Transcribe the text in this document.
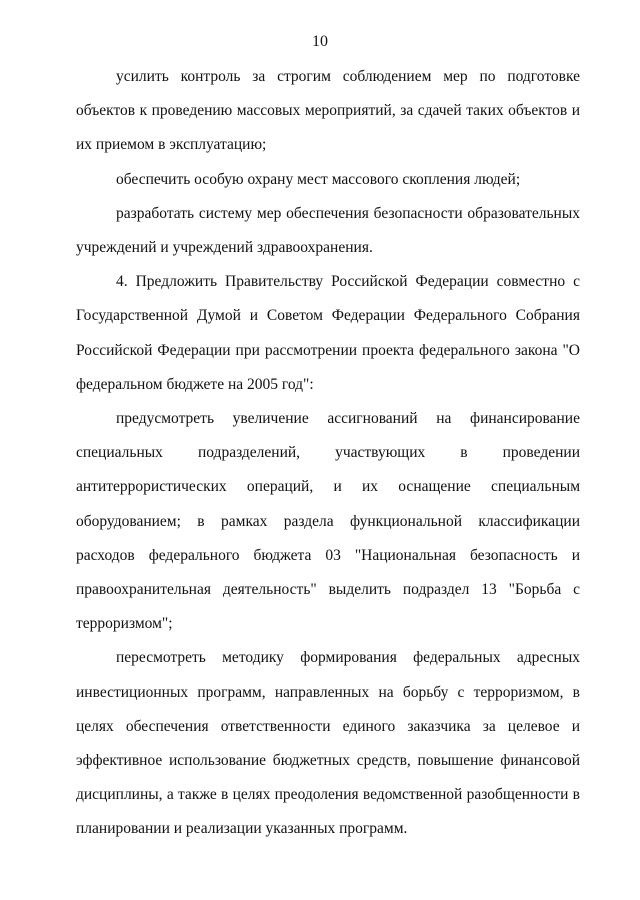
10

усилить контроль за строгим соблюдением мер по подготовке объектов к проведению массовых мероприятий, за сдачей таких объектов и их приемом в эксплуатацию;

обеспечить особую охрану мест массового скопления людей;

разработать систему мер обеспечения безопасности образовательных учреждений и учреждений здравоохранения.

4. Предложить Правительству Российской Федерации совместно с Государственной Думой и Советом Федерации Федерального Собрания Российской Федерации при рассмотрении проекта федерального закона "О федеральном бюджете на 2005 год":

предусмотреть увеличение ассигнований на финансирование специальных подразделений, участвующих в проведении антитеррористических операций, и их оснащение специальным оборудованием; в рамках раздела функциональной классификации расходов федерального бюджета 03 "Национальная безопасность и правоохранительная деятельность" выделить подраздел 13 "Борьба с терроризмом";

пересмотреть методику формирования федеральных адресных инвестиционных программ, направленных на борьбу с терроризмом, в целях обеспечения ответственности единого заказчика за целевое и эффективное использование бюджетных средств, повышение финансовой дисциплины, а также в целях преодоления ведомственной разобщенности в планировании и реализации указанных программ.
